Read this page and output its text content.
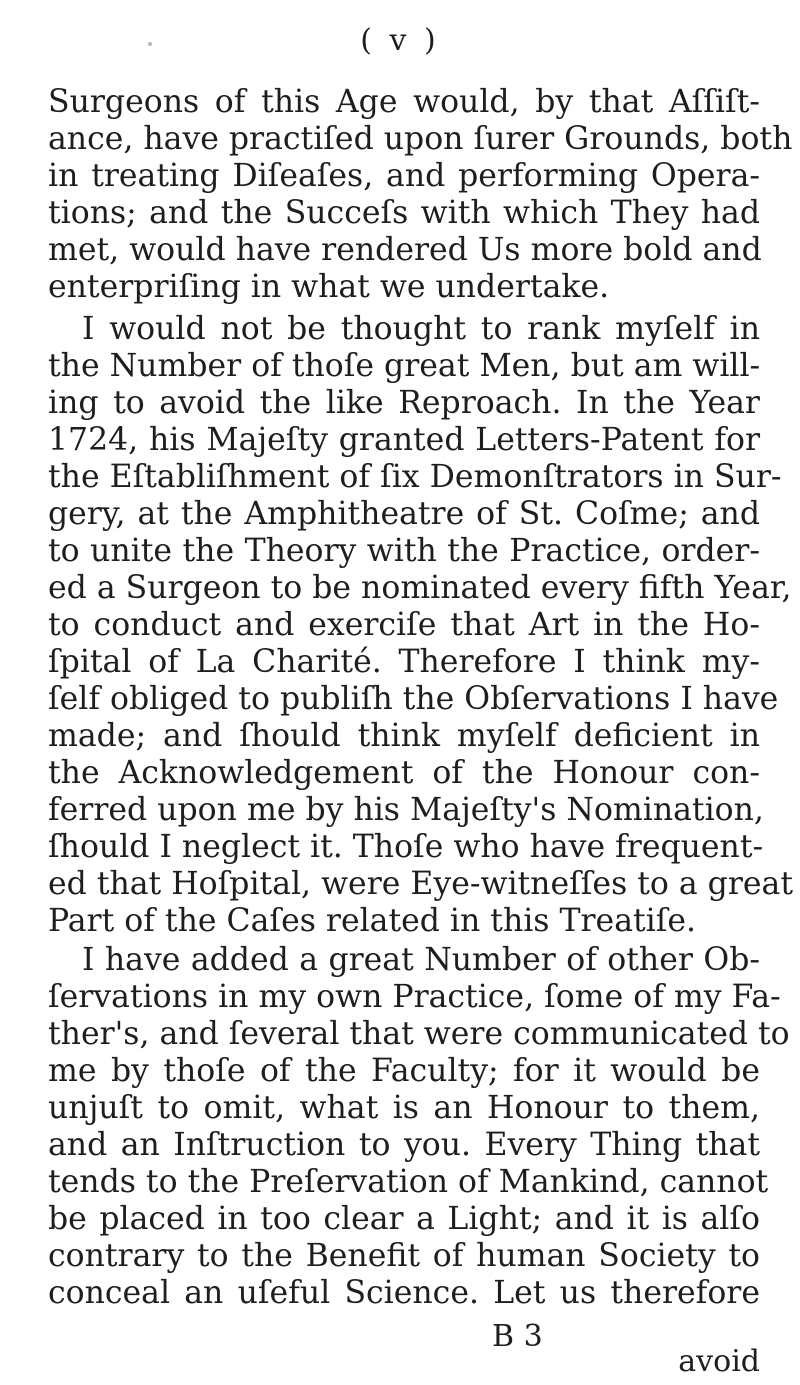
( v )
Surgeons of this Age would, by that Aſſiſt-
ance, have practiſed upon ſurer Grounds, both
in treating Diſeaſes, and performing Opera-
tions; and the Succeſs with which They had
met, would have rendered Us more bold and
enterpriſing in what we undertake.
I would not be thought to rank myſelf in
the Number of thoſe great Men, but am will-
ing to avoid the like Reproach. In the Year
1724, his Majeſty granted Letters-Patent for
the Eſtabliſhment of ſix Demonſtrators in Sur-
gery, at the Amphitheatre of St. Coſme; and
to unite the Theory with the Practice, order-
ed a Surgeon to be nominated every fifth Year,
to conduct and exerciſe that Art in the Ho-
ſpital of La Charité. Therefore I think my-
ſelf obliged to publiſh the Obſervations I have
made; and ſhould think myſelf deficient in
the Acknowledgement of the Honour con-
ferred upon me by his Majeſty's Nomination,
ſhould I neglect it. Thoſe who have frequent-
ed that Hoſpital, were Eye-witneſſes to a great
Part of the Caſes related in this Treatiſe.
I have added a great Number of other Ob-
ſervations in my own Practice, ſome of my Fa-
ther's, and ſeveral that were communicated to
me by thoſe of the Faculty; for it would be
unjuſt to omit, what is an Honour to them,
and an Inſtruction to you. Every Thing that
tends to the Preſervation of Mankind, cannot
be placed in too clear a Light; and it is alſo
contrary to the Benefit of human Society to
conceal an uſeful Science. Let us therefore
B 3
avoid
